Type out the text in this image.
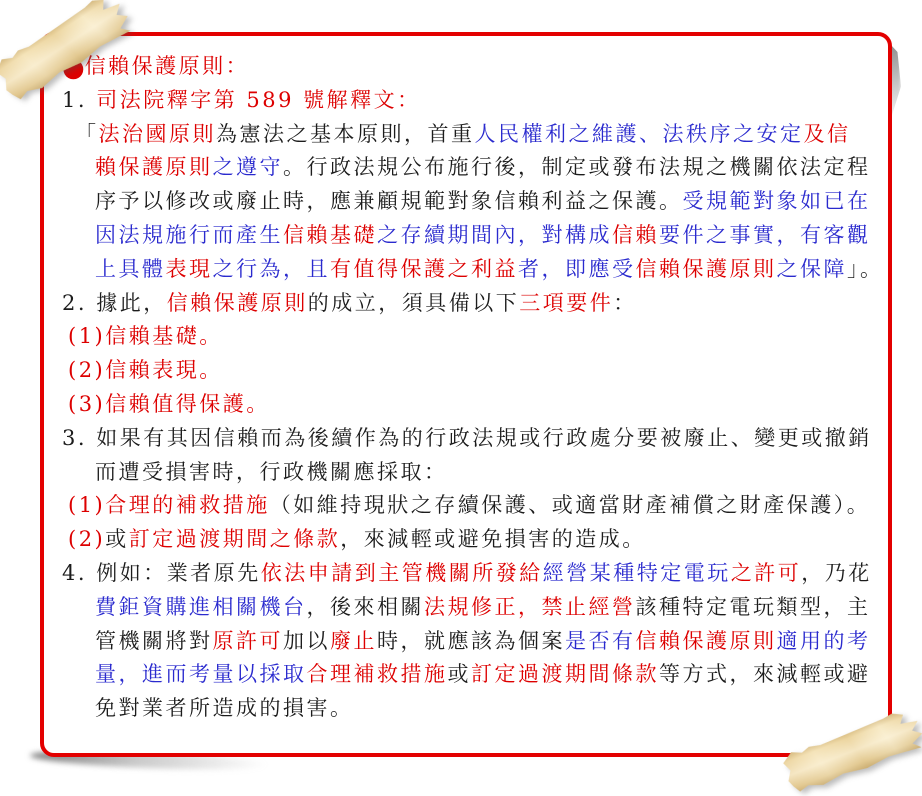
●信賴保護原則：
1. 司法院釋字第 589 號解釋文：
「法治國原則為憲法之基本原則，首重人民權利之維護、法秩序之安定及信
賴保護原則之遵守。行政法規公布施行後，制定或發布法規之機關依法定程
序予以修改或廢止時，應兼顧規範對象信賴利益之保護。受規範對象如已在
因法規施行而產生信賴基礎之存續期間內，對構成信賴要件之事實，有客觀
上具體表現之行為，且有值得保護之利益者，即應受信賴保護原則之保障」。
2. 據此，信賴保護原則的成立，須具備以下三項要件：
(1)信賴基礎。
(2)信賴表現。
(3)信賴值得保護。
3. 如果有其因信賴而為後續作為的行政法規或行政處分要被廢止、變更或撤銷
而遭受損害時，行政機關應採取：
(1)合理的補救措施（如維持現狀之存續保護、或適當財產補償之財產保護）。
(2)或訂定過渡期間之條款，來減輕或避免損害的造成。
4. 例如：業者原先依法申請到主管機關所發給經營某種特定電玩之許可，乃花
費鉅資購進相關機台，後來相關法規修正，禁止經營該種特定電玩類型，主
管機關將對原許可加以廢止時，就應該為個案是否有信賴保護原則適用的考
量，進而考量以採取合理補救措施或訂定過渡期間條款等方式，來減輕或避
免對業者所造成的損害。
